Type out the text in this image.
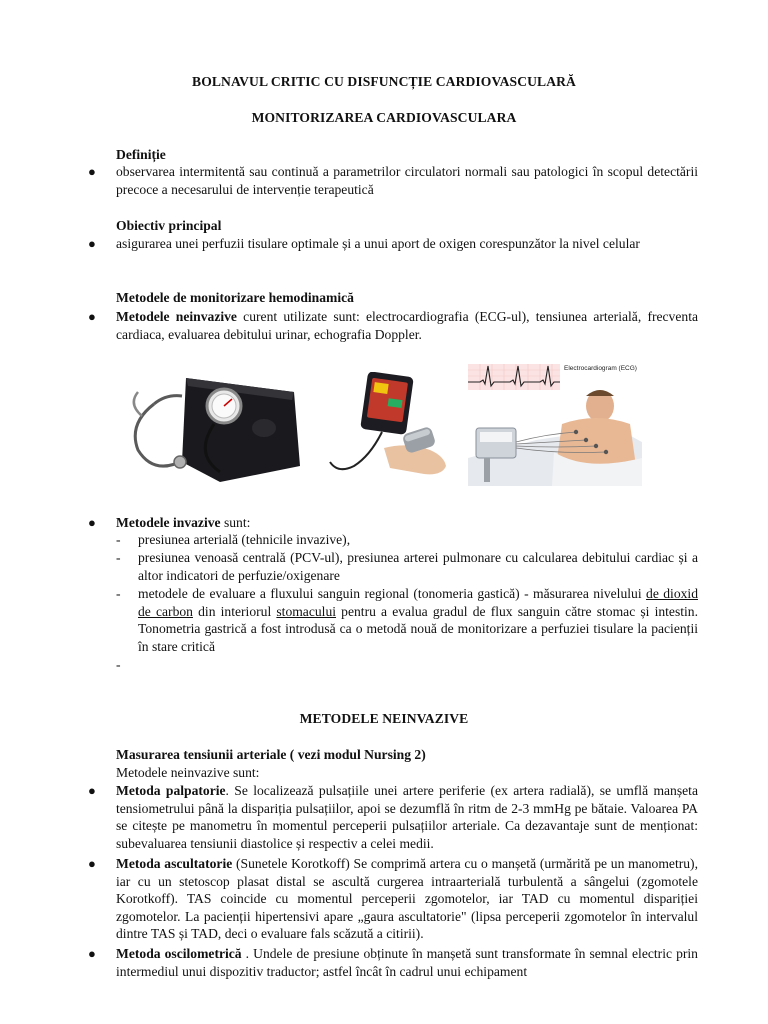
BOLNAVUL CRITIC CU DISFUNCȚIE CARDIOVASCULARĂ
MONITORIZAREA CARDIOVASCULARA
Definiție
●	observarea intermitentă sau continuă a parametrilor circulatori normali sau patologici în scopul detectării precoce a necesarului de intervenție terapeutică
Obiectiv principal
●	asigurarea unei perfuzii tisulare optimale și a unui aport de oxigen corespunzător la nivel celular
Metodele de monitorizare hemodinamică
●	Metodele neinvazive curent utilizate sunt: electrocardiografia (ECG-ul), tensiunea arterială, frecventa cardiaca, evaluarea debitului urinar, echografia Doppler.
Electrocardiogram (ECG)
●	Metodele invazive sunt:
- presiunea arterială (tehnicile invazive),
- presiunea venoasă centrală (PCV-ul), presiunea arterei pulmonare cu calcularea debitului cardiac și a altor indicatori de perfuzie/oxigenare
- metodele de evaluare a fluxului sanguin regional (tonomeria gastică) - măsurarea nivelului de dioxid de carbon din interiorul stomacului pentru a evalua gradul de flux sanguin către stomac și intestin. Tonometria gastrică a fost introdusă ca o metodă nouă de monitorizare a perfuziei tisulare la pacienții în stare critică
-
METODELE NEINVAZIVE
Masurarea tensiunii arteriale ( vezi modul Nursing 2)
Metodele neinvazive sunt:
●	Metoda palpatorie. Se localizează pulsațiile unei artere periferie (ex artera radială), se umflă manșeta tensiometrului până la dispariția pulsațiilor, apoi se dezumflă în ritm de 2-3 mmHg pe bătaie. Valoarea PA se citește pe manometru în momentul perceperii pulsațiilor arteriale. Ca dezavantaje sunt de menționat: subevaluarea tensiunii diastolice și respectiv a celei medii.
●	Metoda ascultatorie (Sunetele Korotkoff) Se comprimă artera cu o manșetă (urmărită pe un manometru), iar cu un stetoscop plasat distal se ascultă curgerea intraarterială turbulentă a sângelui (zgomotele Korotkoff). TAS coincide cu momentul perceperii zgomotelor, iar TAD cu momentul dispariției zgomotelor. La pacienții hipertensivi apare „gaura ascultatorie" (lipsa perceperii zgomotelor în intervalul dintre TAS și TAD, deci o evaluare fals scăzută a citirii).
●	Metoda oscilometrică . Undele de presiune obținute în manșetă sunt transformate în semnal electric prin intermediul unui dispozitiv traductor; astfel încât în cadrul unui echipament
